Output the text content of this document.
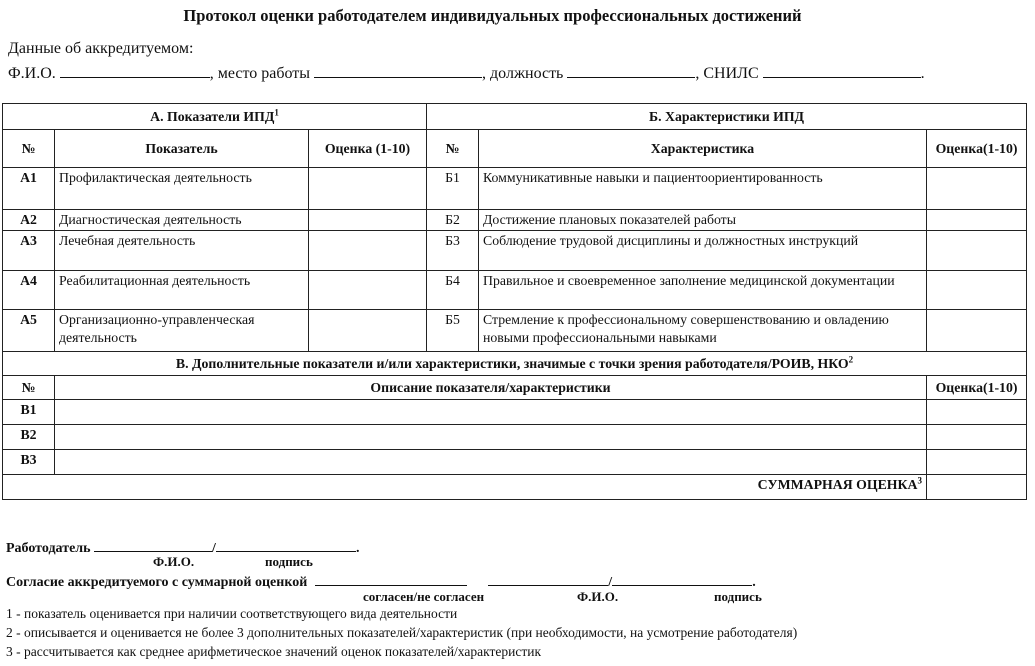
Протокол оценки работодателем индивидуальных профессиональных достижений
Данные об аккредитуемом:
Ф.И.О.	, место работы	, должность	, СНИЛС	.
А. Показатели ИПД$^1$			Б. Характеристики ИПД		
№	Показатель	Оценка (1-10)	№	Характеристика	Оценка(1-10)
А1	Профилактическая деятельность		Б1	Коммуникативные навыки и пациентоориентированность	
А2	Диагностическая деятельность		Б2	Достижение плановых показателей работы	
А3	Лечебная деятельность		Б3	Соблюдение трудовой дисциплины и должностных инструкций	
А4	Реабилитационная деятельность		Б4	Правильное и своевременное заполнение медицинской документации	
А5	Организационно-управленческая деятельность		Б5	Стремление к профессиональному совершенствованию и овладению новыми профессиональными навыками	
В. Дополнительные показатели и/или характеристики, значимые с точки зрения работодателя/РОИВ, НКО$^2$
№	Описание показателя/характеристики				Оценка(1-10)
В1					
В2					
В3					
СУММАРНАЯ ОЦЕНКА$^3$	
Работодатель	/	.
Ф.И.О.	подпись
Согласие аккредитуемого с суммарной оценкой	/	.
согласен/не согласен	Ф.И.О.	подпись
1 - показатель оценивается при наличии соответствующего вида деятельности
2 - описывается и оценивается не более 3 дополнительных показателей/характеристик (при необходимости, на усмотрение работодателя)
3 - рассчитывается как среднее арифметическое значений оценок показателей/характеристик
